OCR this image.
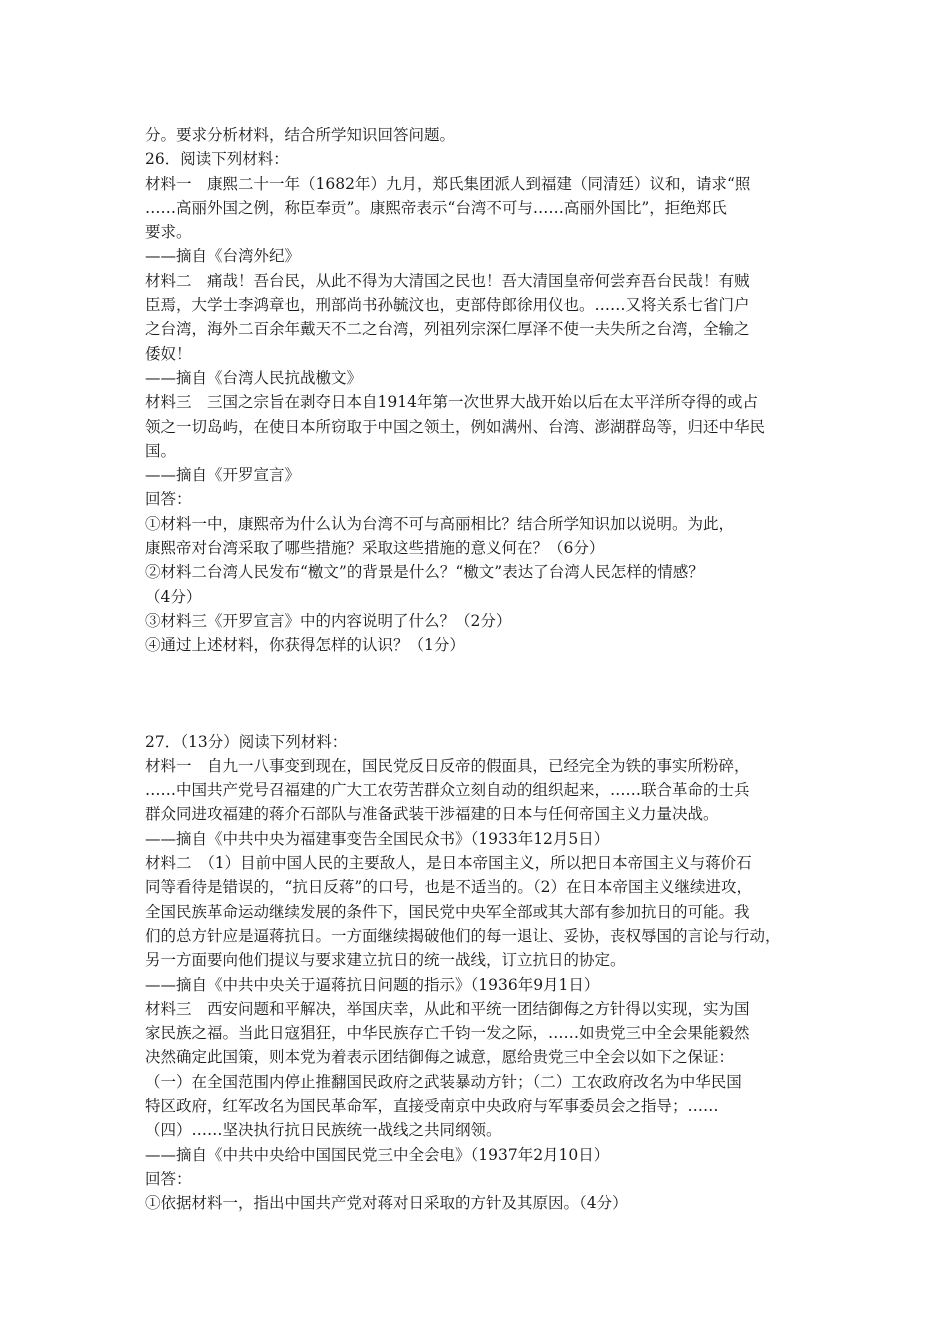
分。要求分析材料，结合所学知识回答问题。
26．阅读下列材料：
材料一　康熙二十一年（1682年）九月，郑氏集团派人到福建（同清廷）议和，请求“照
……高丽外国之例，称臣奉贡”。康熙帝表示“台湾不可与……高丽外国比”，拒绝郑氏
要求。
——摘自《台湾外纪》
材料二　痛哉！吾台民，从此不得为大清国之民也！吾大清国皇帝何尝弃吾台民哉！有贼
臣焉，大学士李鸿章也，刑部尚书孙毓汶也，吏部侍郎徐用仪也。……又将关系七省门户
之台湾，海外二百余年戴天不二之台湾，列祖列宗深仁厚泽不使一夫失所之台湾，全输之
倭奴！
——摘自《台湾人民抗战檄文》
材料三　三国之宗旨在剥夺日本自1914年第一次世界大战开始以后在太平洋所夺得的或占
领之一切岛屿，在使日本所窃取于中国之领土，例如满州、台湾、澎湖群岛等，归还中华民
国。
——摘自《开罗宣言》
回答：
①材料一中，康熙帝为什么认为台湾不可与高丽相比？结合所学知识加以说明。为此，
康熙帝对台湾采取了哪些措施？采取这些措施的意义何在？（6分）
②材料二台湾人民发布“檄文”的背景是什么？“檄文”表达了台湾人民怎样的情感？
（4分）
③材料三《开罗宣言》中的内容说明了什么？（2分）
④通过上述材料，你获得怎样的认识？（1分）
27．（13分）阅读下列材料：
材料一　自九一八事变到现在，国民党反日反帝的假面具，已经完全为铁的事实所粉碎，
……中国共产党号召福建的广大工农劳苦群众立刻自动的组织起来，……联合革命的士兵
群众同进攻福建的蒋介石部队与准备武装干涉福建的日本与任何帝国主义力量决战。
——摘自《中共中央为福建事变告全国民众书》（1933年12月5日）
材料二　（1）目前中国人民的主要敌人，是日本帝国主义，所以把日本帝国主义与蒋价石
同等看待是错误的，“抗日反蒋”的口号，也是不适当的。（2）在日本帝国主义继续进攻，
全国民族革命运动继续发展的条件下，国民党中央军全部或其大部有参加抗日的可能。我
们的总方针应是逼蒋抗日。一方面继续揭破他们的每一退让、妥协，丧权辱国的言论与行动，
另一方面要向他们提议与要求建立抗日的统一战线，订立抗日的协定。
——摘自《中共中央关于逼蒋抗日问题的指示》（1936年9月1日）
材料三　西安问题和平解决，举国庆幸，从此和平统一团结御侮之方针得以实现，实为国
家民族之福。当此日寇猖狂，中华民族存亡千钧一发之际，……如贵党三中全会果能毅然
决然确定此国策，则本党为着表示团结御侮之诚意，愿给贵党三中全会以如下之保证：
（一）在全国范围内停止推翻国民政府之武装暴动方针；（二）工农政府改名为中华民国
特区政府，红军改名为国民革命军，直接受南京中央政府与军事委员会之指导；……
（四）……坚决执行抗日民族统一战线之共同纲领。
——摘自《中共中央给中国国民党三中全会电》（1937年2月10日）
回答：
①依据材料一，指出中国共产党对蒋对日采取的方针及其原因。（4分）
